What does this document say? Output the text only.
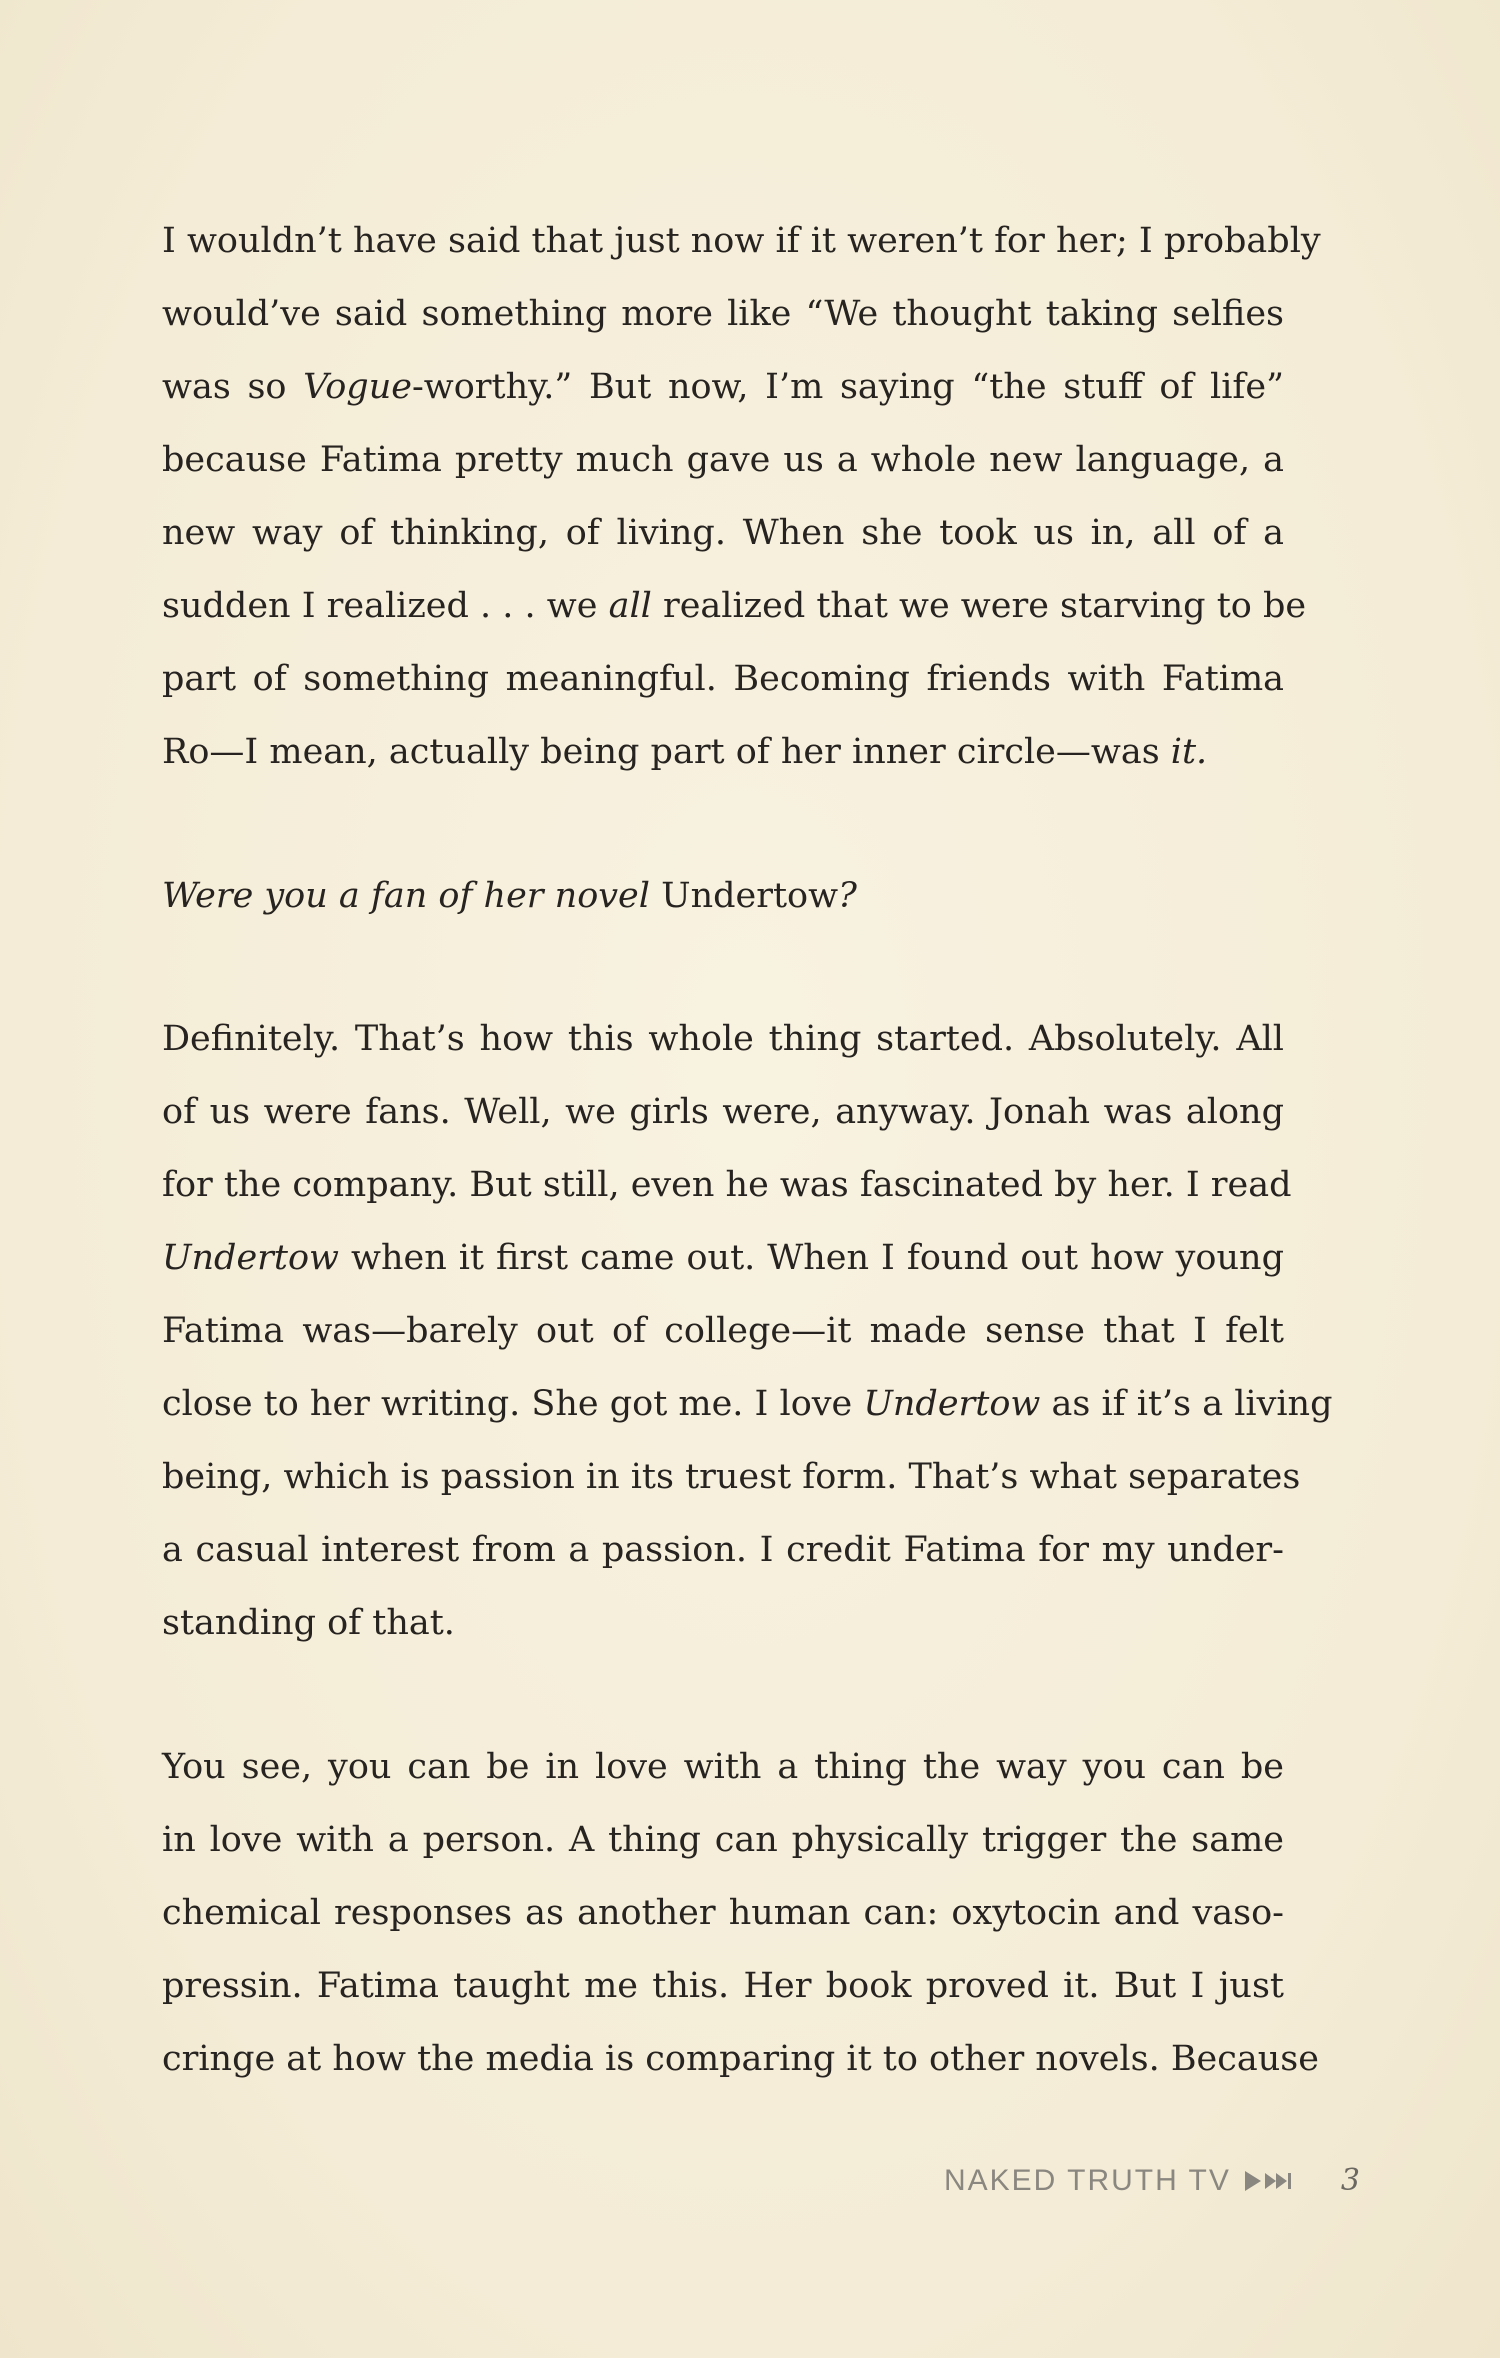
I wouldn’t have said that just now if it weren’t for her; I probably
would’ve said something more like “We thought taking selfies
was so Vogue-worthy.” But now, I’m saying “the stuff of life”
because Fatima pretty much gave us a whole new language, a
new way of thinking, of living. When she took us in, all of a
sudden I realized . . . we all realized that we were starving to be
part of something meaningful. Becoming friends with Fatima
Ro—I mean, actually being part of her inner circle—was it.
Were you a fan of her novel Undertow?
Definitely. That’s how this whole thing started. Absolutely. All
of us were fans. Well, we girls were, anyway. Jonah was along
for the company. But still, even he was fascinated by her. I read
Undertow when it first came out. When I found out how young
Fatima was—barely out of college—it made sense that I felt
close to her writing. She got me. I love Undertow as if it’s a living
being, which is passion in its truest form. That’s what separates
a casual interest from a passion. I credit Fatima for my under-
standing of that.
You see, you can be in love with a thing the way you can be
in love with a person. A thing can physically trigger the same
chemical responses as another human can: oxytocin and vaso-
pressin. Fatima taught me this. Her book proved it. But I just
cringe at how the media is comparing it to other novels. Because
NAKED TRUTH TV	3
